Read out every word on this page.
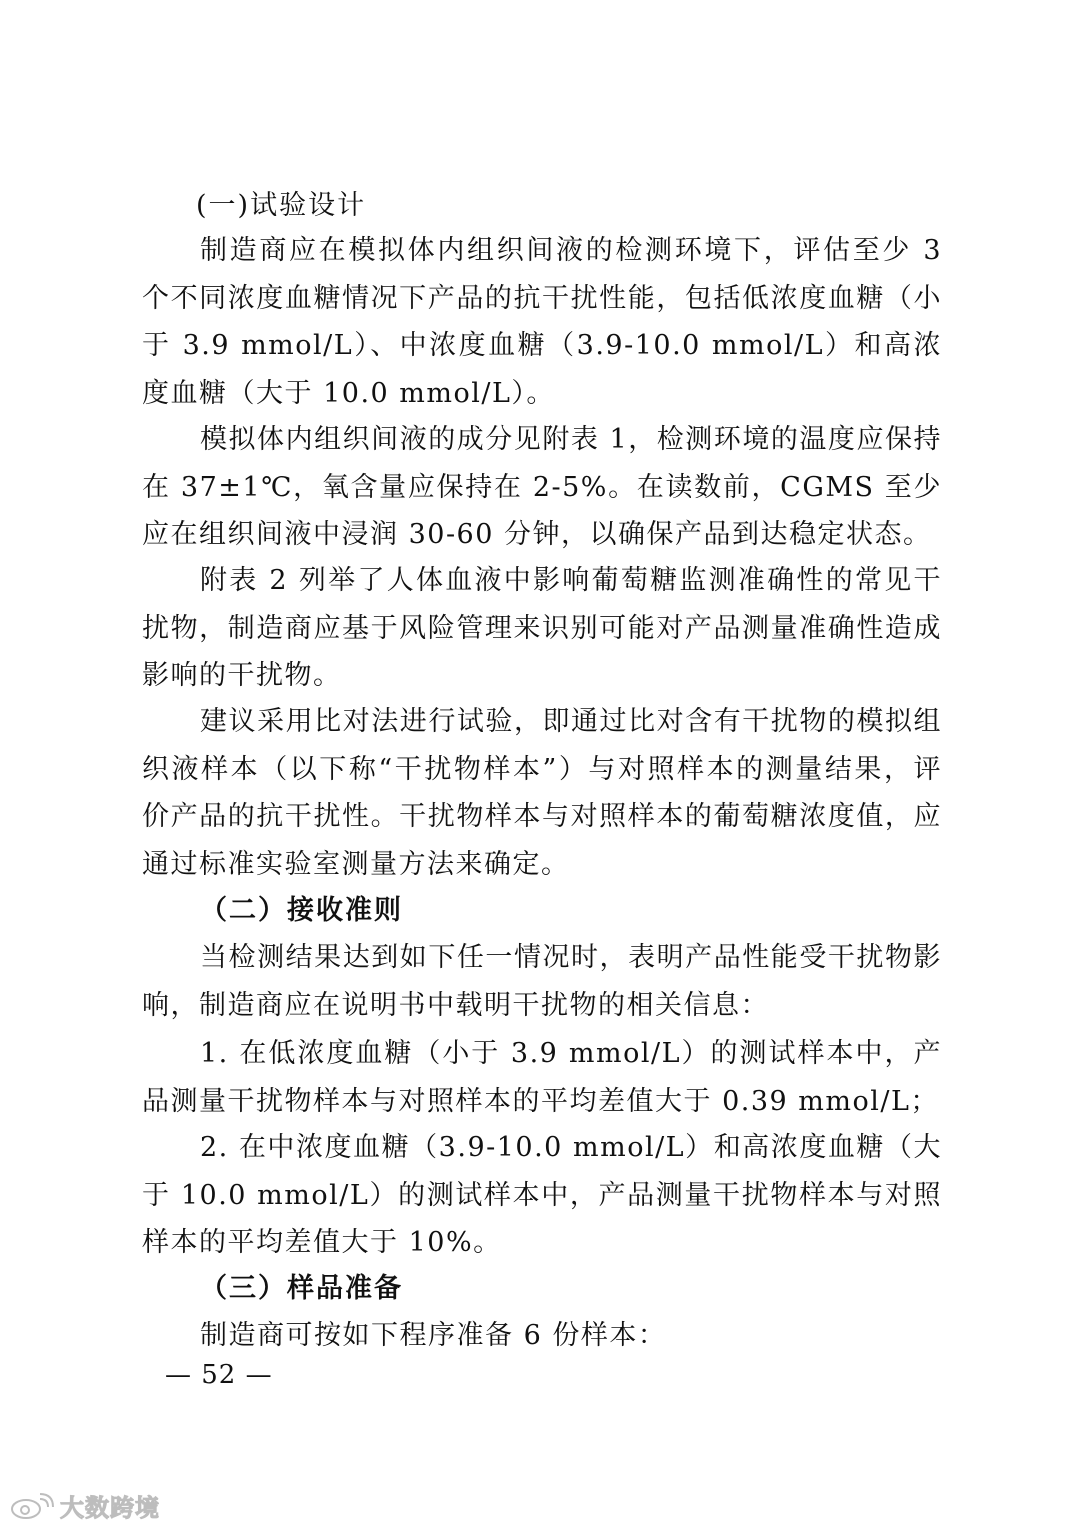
(一)试验设计

制造商应在模拟体内组织间液的检测环境下，评估至少 3 个不同浓度血糖情况下产品的抗干扰性能，包括低浓度血糖（小于 3.9 mmol/L）、中浓度血糖（3.9-10.0 mmol/L）和高浓度血糖（大于 10.0 mmol/L）。

模拟体内组织间液的成分见附表 1，检测环境的温度应保持在 37±1℃，氧含量应保持在 2-5%。在读数前，CGMS 至少应在组织间液中浸润 30-60 分钟，以确保产品到达稳定状态。

附表 2 列举了人体血液中影响葡萄糖监测准确性的常见干扰物，制造商应基于风险管理来识别可能对产品测量准确性造成影响的干扰物。

建议采用比对法进行试验，即通过比对含有干扰物的模拟组织液样本（以下称“干扰物样本”）与对照样本的测量结果，评价产品的抗干扰性。干扰物样本与对照样本的葡萄糖浓度值，应通过标准实验室测量方法来确定。

（二）接收准则

当检测结果达到如下任一情况时，表明产品性能受干扰物影响，制造商应在说明书中载明干扰物的相关信息：

1. 在低浓度血糖（小于 3.9 mmol/L）的测试样本中，产品测量干扰物样本与对照样本的平均差值大于 0.39 mmol/L；

2. 在中浓度血糖（3.9-10.0 mmol/L）和高浓度血糖（大于 10.0 mmol/L）的测试样本中，产品测量干扰物样本与对照样本的平均差值大于 10%。

（三）样品准备

制造商可按如下程序准备 6 份样本：

— 52 —
大数跨境
